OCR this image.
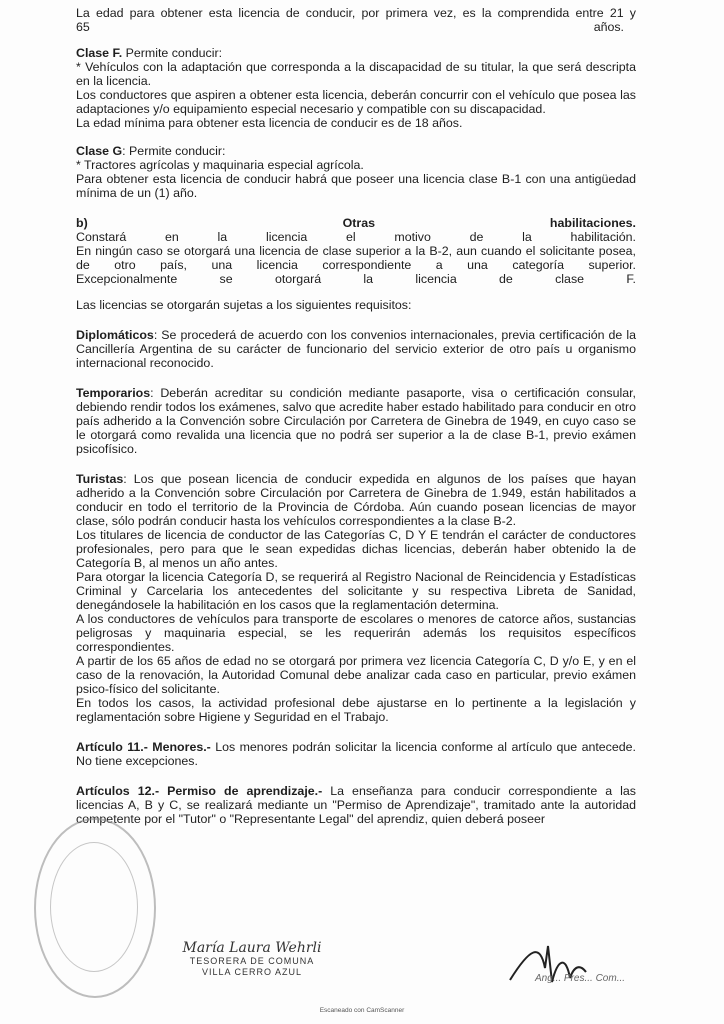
La edad para obtener esta licencia de conducir, por primera vez, es la comprendida entre 21 y

65	años.

Clase F. Permite conducir:

* Vehículos con la adaptación que corresponda a la discapacidad de su titular, la que será descripta en la licencia.

Los conductores que aspiren a obtener esta licencia, deberán concurrir con el vehículo que posea las adaptaciones y/o equipamiento especial necesario y compatible con su discapacidad.

La edad mínima para obtener esta licencia de conducir es de 18 años.

Clase G: Permite conducir:

* Tractores agrícolas y maquinaria especial agrícola.

Para obtener esta licencia de conducir habrá que poseer una licencia clase B-1 con una antigüedad mínima de un (1) año.

b)	Otras	habilitaciones.

Constará en la licencia el motivo de la habilitación.

En ningún caso se otorgará una licencia de clase superior a la B-2, aun cuando el solicitante posea, de otro país, una licencia correspondiente a una categoría superior.

Excepcionalmente se otorgará la licencia de clase F.

Las licencias se otorgarán sujetas a los siguientes requisitos:

Diplomáticos: Se procederá de acuerdo con los convenios internacionales, previa certificación de la Cancillería Argentina de su carácter de funcionario del servicio exterior de otro país u organismo internacional reconocido.

Temporarios: Deberán acreditar su condición mediante pasaporte, visa o certificación consular, debiendo rendir todos los exámenes, salvo que acredite haber estado habilitado para conducir en otro país adherido a la Convención sobre Circulación por Carretera de Ginebra de 1949, en cuyo caso se le otorgará como revalida una licencia que no podrá ser superior a la de clase B-1, previo exámen psicofísico.

Turistas: Los que posean licencia de conducir expedida en algunos de los países que hayan adherido a la Convención sobre Circulación por Carretera de Ginebra de 1.949, están habilitados a conducir en todo el territorio de la Provincia de Córdoba. Aún cuando posean licencias de mayor clase, sólo podrán conducir hasta los vehículos correspondientes a la clase B-2.

Los titulares de licencia de conductor de las Categorías C, D Y E tendrán el carácter de conductores profesionales, pero para que le sean expedidas dichas licencias, deberán haber obtenido la de Categoría B, al menos un año antes.

Para otorgar la licencia Categoría D, se requerirá al Registro Nacional de Reincidencia y Estadísticas Criminal y Carcelaria los antecedentes del solicitante y su respectiva Libreta de Sanidad, denegándosele la habilitación en los casos que la reglamentación determina.

A los conductores de vehículos para transporte de escolares o menores de catorce años, sustancias peligrosas y maquinaria especial, se les requerirán además los requisitos específicos correspondientes.

A partir de los 65 años de edad no se otorgará por primera vez licencia Categoría C, D y/o E, y en el caso de la renovación, la Autoridad Comunal debe analizar cada caso en particular, previo exámen psico-físico del solicitante.

En todos los casos, la actividad profesional debe ajustarse en lo pertinente a la legislación y reglamentación sobre Higiene y Seguridad en el Trabajo.

Artículo 11.- Menores.- Los menores podrán solicitar la licencia conforme al artículo que antecede. No tiene excepciones.

Artículos 12.- Permiso de aprendizaje.- La enseñanza para conducir correspondiente a las licencias A, B y C, se realizará mediante un "Permiso de Aprendizaje", tramitado ante la autoridad competente por el "Tutor" o "Representante Legal" del aprendiz, quien deberá poseer

María Laura Wehrli
TESORERA DE COMUNA
VILLA CERRO AZUL
Ang... Pres... Com...
Escaneado con CamScanner
